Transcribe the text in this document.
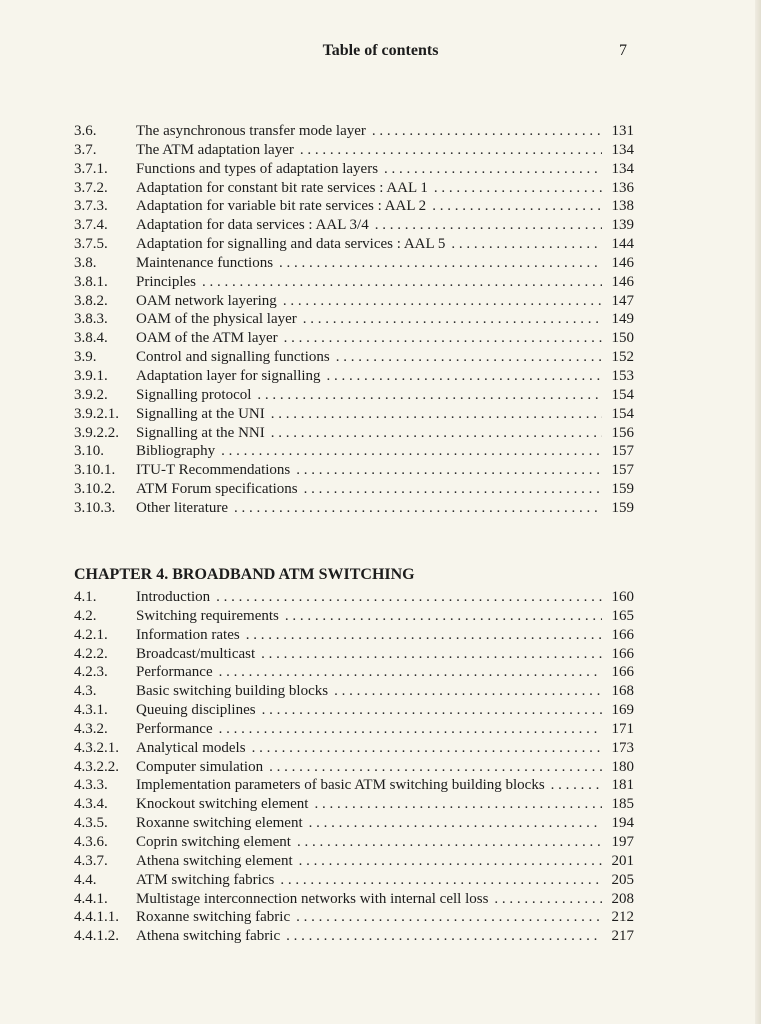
Table of contents	7
3.6.	The asynchronous transfer mode layer . . .	131
3.7.	The ATM adaptation layer . . .	134
3.7.1.	Functions and types of adaptation layers . . .	134
3.7.2.	Adaptation for constant bit rate services : AAL 1 . . .	136
3.7.3.	Adaptation for variable bit rate services : AAL 2 . . .	138
3.7.4.	Adaptation for data services : AAL 3/4 . . .	139
3.7.5.	Adaptation for signalling and data services : AAL 5 . . .	144
3.8.	Maintenance functions . . .	146
3.8.1.	Principles . . .	146
3.8.2.	OAM network layering . . .	147
3.8.3.	OAM of the physical layer . . .	149
3.8.4.	OAM of the ATM layer . . .	150
3.9.	Control and signalling functions . . .	152
3.9.1.	Adaptation layer for signalling . . .	153
3.9.2.	Signalling protocol . . .	154
3.9.2.1.	Signalling at the UNI . . .	154
3.9.2.2.	Signalling at the NNI . . .	156
3.10.	Bibliography . . .	157
3.10.1.	ITU-T Recommendations . . .	157
3.10.2.	ATM Forum specifications . . .	159
3.10.3.	Other literature . . .	159
CHAPTER 4. BROADBAND ATM SWITCHING
4.1.	Introduction . . .	160
4.2.	Switching requirements . . .	165
4.2.1.	Information rates . . .	166
4.2.2.	Broadcast/multicast . . .	166
4.2.3.	Performance . . .	166
4.3.	Basic switching building blocks . . .	168
4.3.1.	Queuing disciplines . . .	169
4.3.2.	Performance . . .	171
4.3.2.1.	Analytical models . . .	173
4.3.2.2.	Computer simulation . . .	180
4.3.3.	Implementation parameters of basic ATM switching building blocks . . .	181
4.3.4.	Knockout switching element . . .	185
4.3.5.	Roxanne switching element . . .	194
4.3.6.	Coprin switching element . . .	197
4.3.7.	Athena switching element . . .	201
4.4.	ATM switching fabrics . . .	205
4.4.1.	Multistage interconnection networks with internal cell loss . . .	208
4.4.1.1.	Roxanne switching fabric . . .	212
4.4.1.2.	Athena switching fabric . . .	217
